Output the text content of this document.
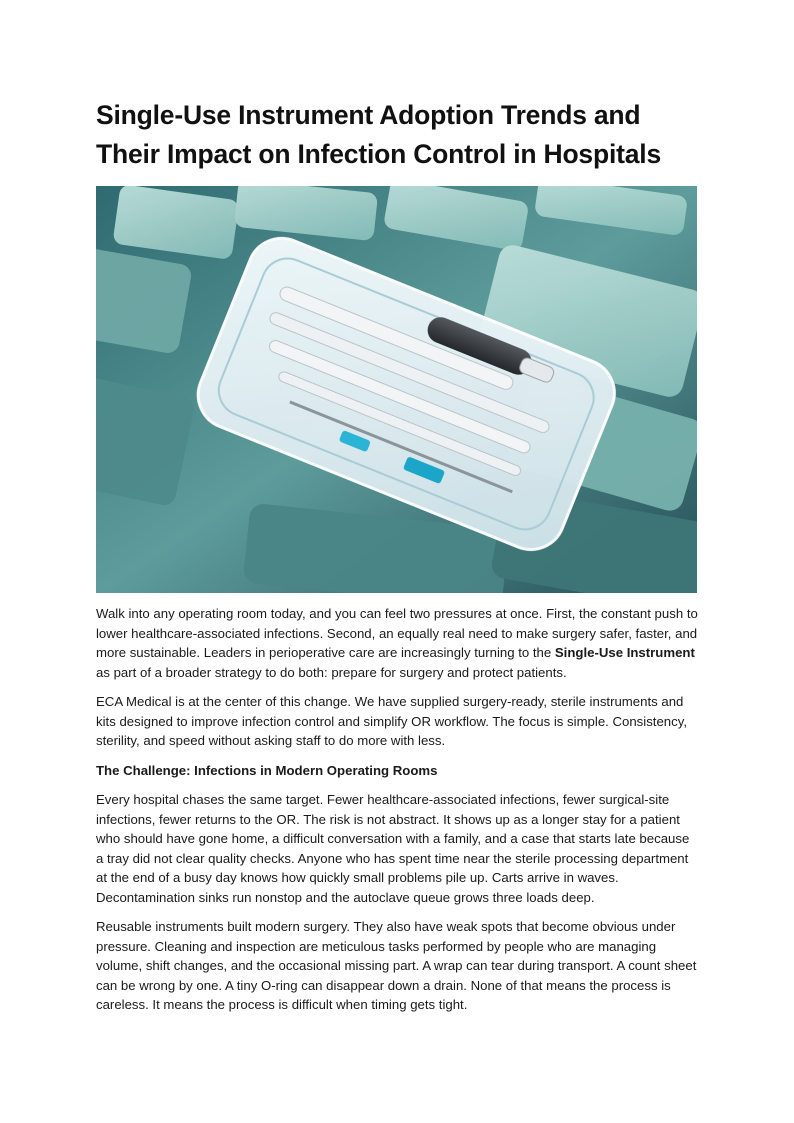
Single-Use Instrument Adoption Trends and Their Impact on Infection Control in Hospitals

Walk into any operating room today, and you can feel two pressures at once. First, the constant push to lower healthcare-associated infections. Second, an equally real need to make surgery safer, faster, and more sustainable. Leaders in perioperative care are increasingly turning to the Single-Use Instrument as part of a broader strategy to do both: prepare for surgery and protect patients.

ECA Medical is at the center of this change. We have supplied surgery-ready, sterile instruments and kits designed to improve infection control and simplify OR workflow. The focus is simple. Consistency, sterility, and speed without asking staff to do more with less.

The Challenge: Infections in Modern Operating Rooms

Every hospital chases the same target. Fewer healthcare-associated infections, fewer surgical-site infections, fewer returns to the OR. The risk is not abstract. It shows up as a longer stay for a patient who should have gone home, a difficult conversation with a family, and a case that starts late because a tray did not clear quality checks. Anyone who has spent time near the sterile processing department at the end of a busy day knows how quickly small problems pile up. Carts arrive in waves. Decontamination sinks run nonstop and the autoclave queue grows three loads deep.

Reusable instruments built modern surgery. They also have weak spots that become obvious under pressure. Cleaning and inspection are meticulous tasks performed by people who are managing volume, shift changes, and the occasional missing part. A wrap can tear during transport. A count sheet can be wrong by one. A tiny O-ring can disappear down a drain. None of that means the process is careless. It means the process is difficult when timing gets tight.
